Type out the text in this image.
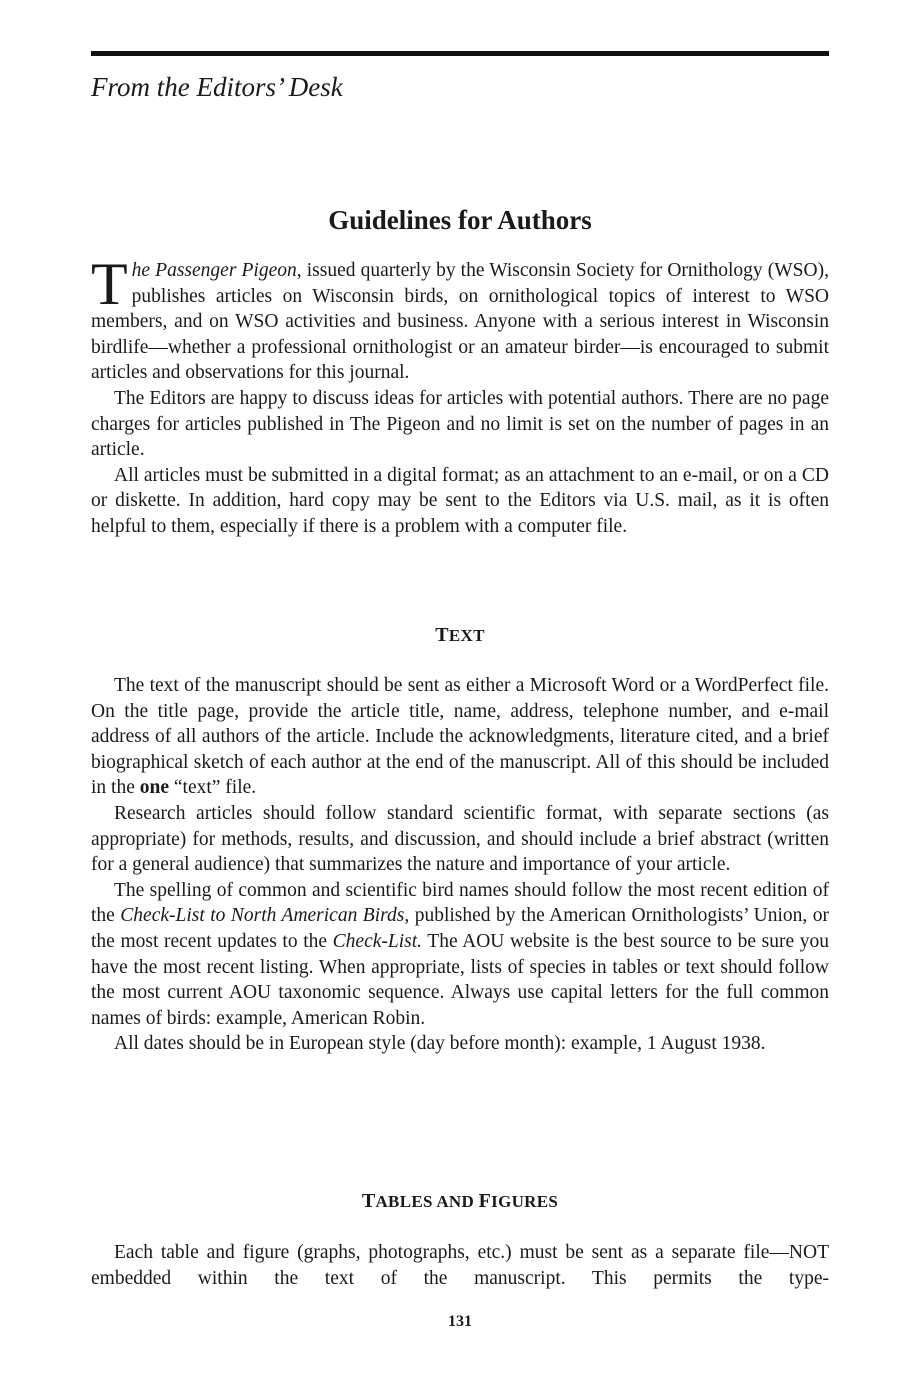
From the Editors’ Desk
Guidelines for Authors

The Passenger Pigeon, issued quarterly by the Wisconsin Society for Ornithology (WSO), publishes articles on Wisconsin birds, on ornithological topics of interest to WSO members, and on WSO activities and business. Anyone with a serious interest in Wisconsin birdlife—whether a professional ornithologist or an amateur birder—is encouraged to submit articles and observations for this journal.

The Editors are happy to discuss ideas for articles with potential authors. There are no page charges for articles published in The Pigeon and no limit is set on the number of pages in an article.

All articles must be submitted in a digital format; as an attachment to an e-mail, or on a CD or diskette. In addition, hard copy may be sent to the Editors via U.S. mail, as it is often helpful to them, especially if there is a problem with a computer file.

TEXT

The text of the manuscript should be sent as either a Microsoft Word or a WordPerfect file. On the title page, provide the article title, name, address, telephone number, and e-mail address of all authors of the article. Include the acknowledgments, literature cited, and a brief biographical sketch of each author at the end of the manuscript. All of this should be included in the one “text” file.

Research articles should follow standard scientific format, with separate sections (as appropriate) for methods, results, and discussion, and should include a brief abstract (written for a general audience) that summarizes the nature and importance of your article.

The spelling of common and scientific bird names should follow the most recent edition of the Check-List to North American Birds, published by the American Ornithologists’ Union, or the most recent updates to the Check-List. The AOU website is the best source to be sure you have the most recent listing. When appropriate, lists of species in tables or text should follow the most current AOU taxonomic sequence. Always use capital letters for the full common names of birds: example, American Robin.

All dates should be in European style (day before month): example, 1 August 1938.

TABLES AND FIGURES

Each table and figure (graphs, photographs, etc.) must be sent as a separate file—NOT embedded within the text of the manuscript. This permits the type-

131
